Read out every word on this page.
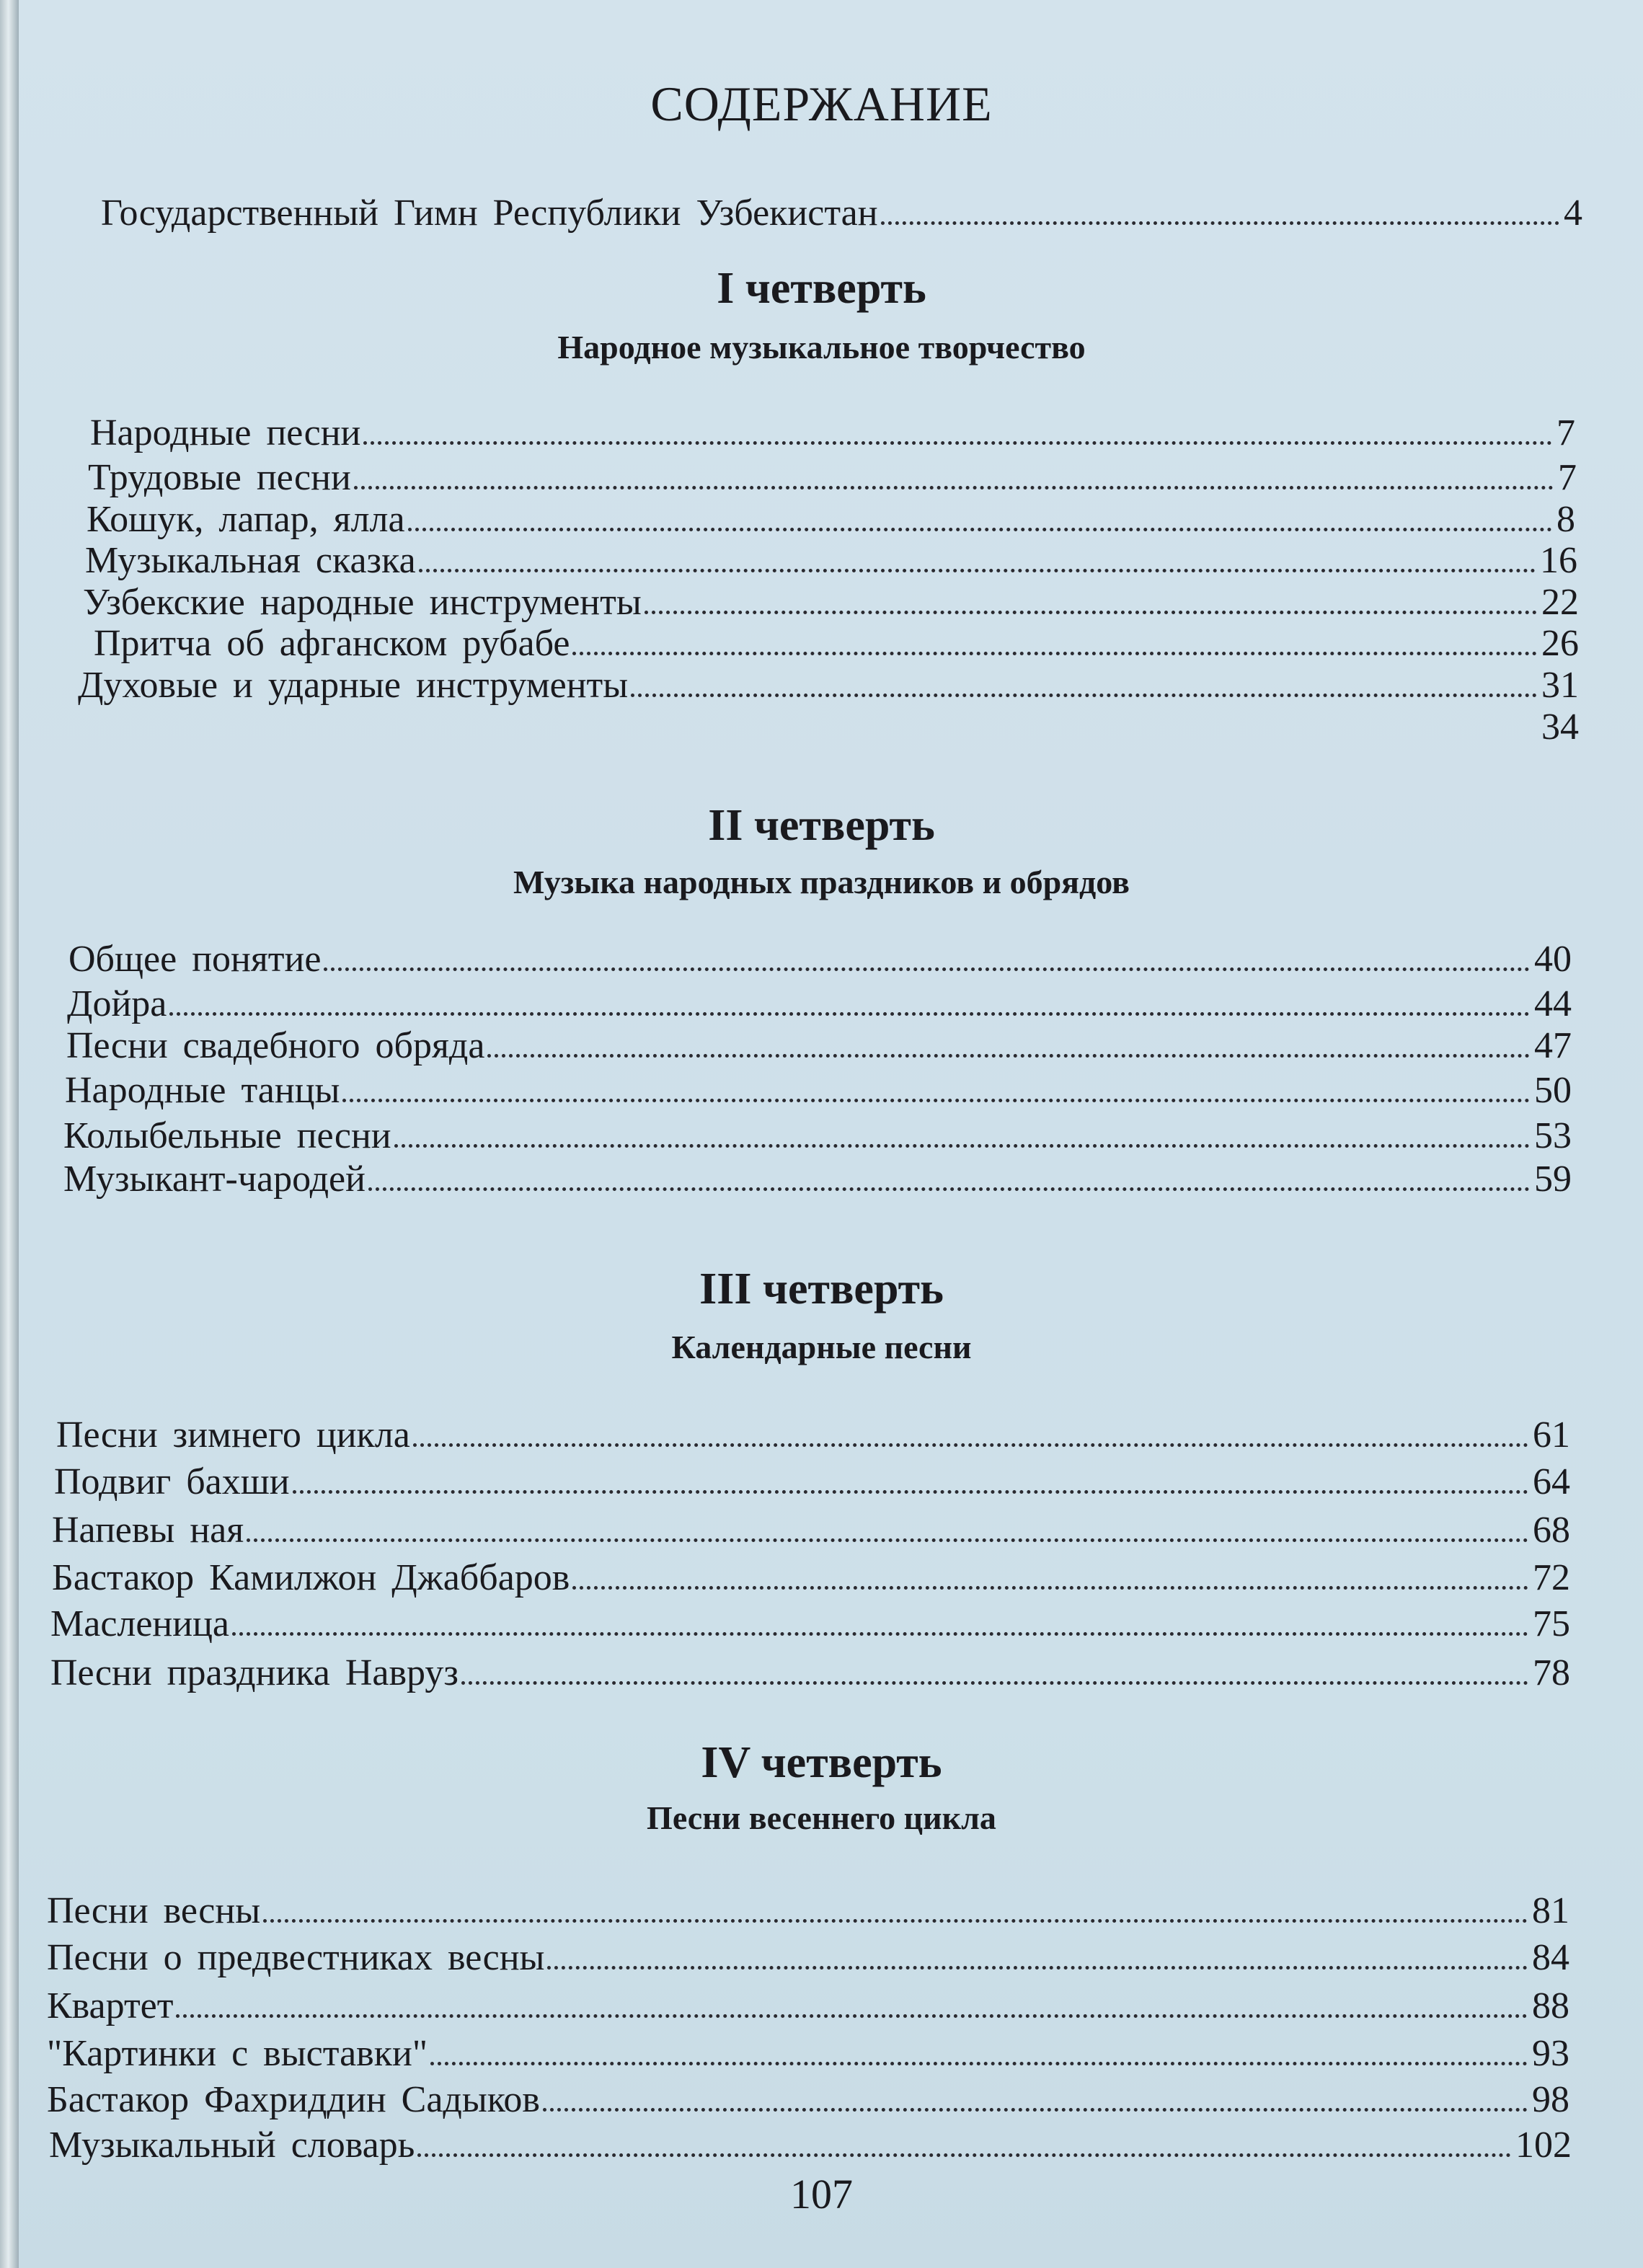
СОДЕРЖАНИЕ
Государственный Гимн Республики Узбекистан	4
I четверть
Народное музыкальное творчество
Народные песни	7
Трудовые песни	7
Кошук, лапар, ялла	8
Музыкальная сказка	16
Узбекские народные инструменты	22
Притча об афганском рубабе	26
Духовые и ударные инструменты	31
34
II четверть
Музыка народных праздников и обрядов
Общее понятие	40
Дойра	44
Песни свадебного обряда	47
Народные танцы	50
Колыбельные песни	53
Музыкант-чародей	59
III четверть
Календарные песни
Песни зимнего цикла	61
Подвиг бахши	64
Напевы ная	68
Бастакор Камилжон Джаббаров	72
Масленица	75
Песни праздника Навруз	78
IV четверть
Песни весеннего цикла
Песни весны	81
Песни о предвестниках весны	84
Квартет	88
"Картинки с выставки"	93
Бастакор Фахриддин Садыков	98
Музыкальный словарь	102
107
